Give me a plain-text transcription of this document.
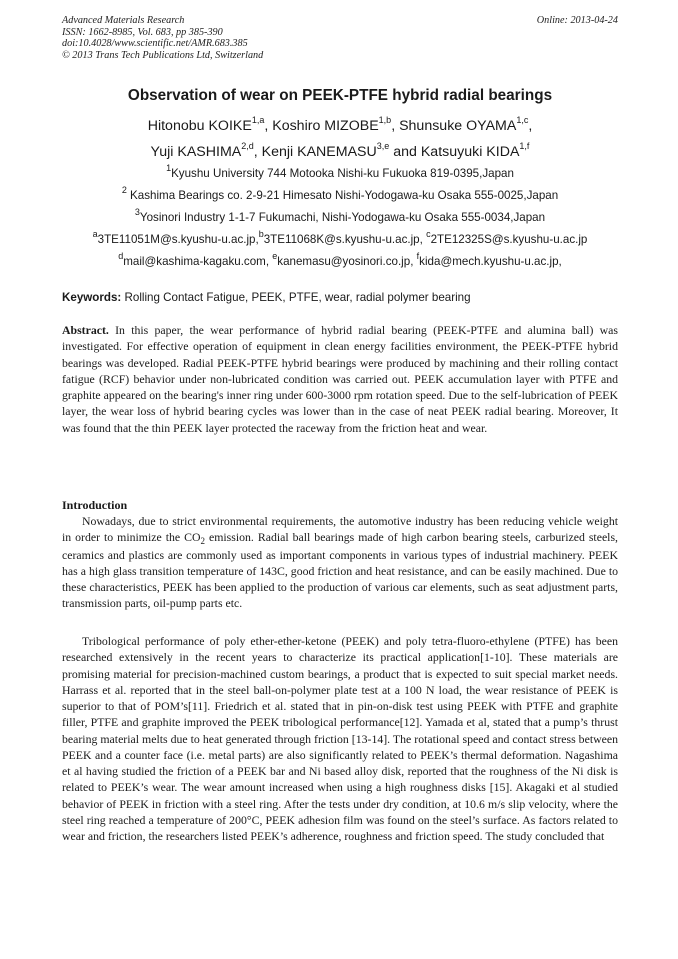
Advanced Materials Research
ISSN: 1662-8985, Vol. 683, pp 385-390
doi:10.4028/www.scientific.net/AMR.683.385
© 2013 Trans Tech Publications Ltd, Switzerland
Online: 2013-04-24
Observation of wear on PEEK-PTFE hybrid radial bearings
Hitonobu KOIKE$^{1,a}$, Koshiro MIZOBE$^{1,b}$, Shunsuke OYAMA$^{1,c}$,
Yuji KASHIMA$^{2,d}$, Kenji KANEMASU$^{3,e}$ and Katsuyuki KIDA$^{1,f}$
$^1$Kyushu University 744 Motooka Nishi-ku Fukuoka 819-0395,Japan
$^2$ Kashima Bearings co. 2-9-21 Himesato Nishi-Yodogawa-ku Osaka 555-0025,Japan
$^3$Yosinori Industry 1-1-7 Fukumachi, Nishi-Yodogawa-ku Osaka 555-0034,Japan
$^a$3TE11051M@s.kyushu-u.ac.jp,$^b$3TE11068K@s.kyushu-u.ac.jp, $^c$2TE12325S@s.kyushu-u.ac.jp
$^d$mail@kashima-kagaku.com, $^e$kanemasu@yosinori.co.jp, $^f$kida@mech.kyushu-u.ac.jp,
Keywords: Rolling Contact Fatigue, PEEK, PTFE, wear, radial polymer bearing
Abstract. In this paper, the wear performance of hybrid radial bearing (PEEK-PTFE and alumina ball) was investigated. For effective operation of equipment in clean energy facilities environment, the PEEK-PTFE hybrid bearings was developed. Radial PEEK-PTFE hybrid bearings were produced by machining and their rolling contact fatigue (RCF) behavior under non-lubricated condition was carried out. PEEK accumulation layer with PTFE and graphite appeared on the bearing's inner ring under 600-3000 rpm rotation speed. Due to the self-lubrication of PEEK layer, the wear loss of hybrid bearing cycles was lower than in the case of neat PEEK radial bearing. Moreover, It was found that the thin PEEK layer protected the raceway from the friction heat and wear.
Introduction
Nowadays, due to strict environmental requirements, the automotive industry has been reducing vehicle weight in order to minimize the $CO_2$ emission. Radial ball bearings made of high carbon bearing steels, carburized steels, ceramics and plastics are commonly used as important components in various types of industrial machinery. PEEK has a high glass transition temperature of 143C, good friction and heat resistance, and can be easily machined. Due to these characteristics, PEEK has been applied to the production of various car elements, such as seat adjustment parts, transmission parts, oil-pump parts etc.
Tribological performance of poly ether-ether-ketone (PEEK) and poly tetra-fluoro-ethylene (PTFE) has been researched extensively in the recent years to characterize its practical application[1-10]. These materials are promising material for precision-machined custom bearings, a product that is expected to suit special market needs. Harrass et al. reported that in the steel ball-on-polymer plate test at a 100 N load, the wear resistance of PEEK is superior to that of POM’s[11]. Friedrich et al. stated that in pin-on-disk test using PEEK with PTFE and graphite filler, PTFE and graphite improved the PEEK tribological performance[12]. Yamada et al, stated that a pump’s thrust bearing material melts due to heat generated through friction [13-14]. The rotational speed and contact stress between PEEK and a counter face (i.e. metal parts) are also significantly related to PEEK’s thermal deformation. Nagashima et al having studied the friction of a PEEK bar and Ni based alloy disk, reported that the roughness of the Ni disk is related to PEEK’s wear. The wear amount increased when using a high roughness disks [15]. Akagaki et al studied behavior of PEEK in friction with a steel ring. After the tests under dry condition, at 10.6 m/s slip velocity, where the steel ring reached a temperature of 200°C, PEEK adhesion film was found on the steel’s surface. As factors related to wear and friction, the researchers listed PEEK’s adherence, roughness and friction speed. The study concluded that
